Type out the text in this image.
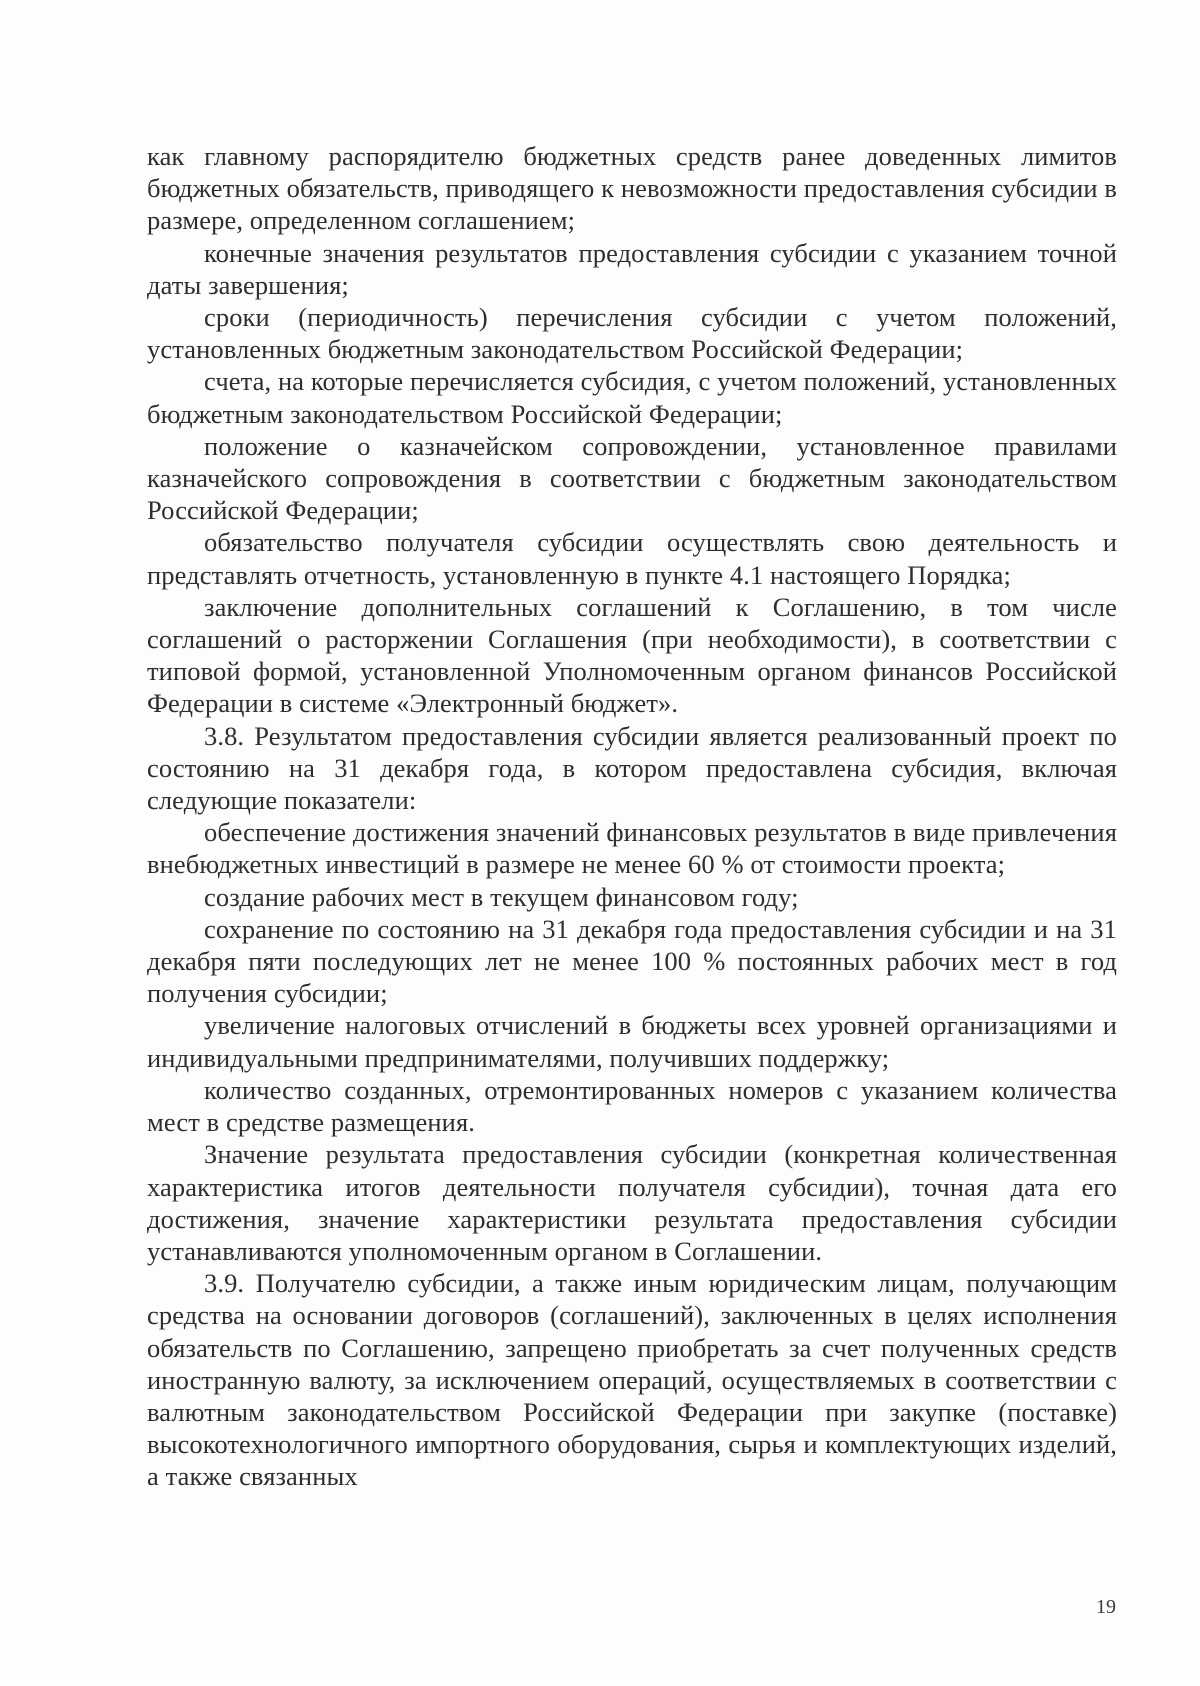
как главному распорядителю бюджетных средств ранее доведенных лимитов бюджетных обязательств, приводящего к невозможности предоставления субсидии в размере, определенном соглашением;

конечные значения результатов предоставления субсидии с указанием точной даты завершения;

сроки (периодичность) перечисления субсидии с учетом положений, установленных бюджетным законодательством Российской Федерации;

счета, на которые перечисляется субсидия, с учетом положений, установленных бюджетным законодательством Российской Федерации;

положение о казначейском сопровождении, установленное правилами казначейского сопровождения в соответствии с бюджетным законодательством Российской Федерации;

обязательство получателя субсидии осуществлять свою деятельность и представлять отчетность, установленную в пункте 4.1 настоящего Порядка;

заключение дополнительных соглашений к Соглашению, в том числе соглашений о расторжении Соглашения (при необходимости), в соответствии с типовой формой, установленной Уполномоченным органом финансов Российской Федерации в системе «Электронный бюджет».

3.8. Результатом предоставления субсидии является реализованный проект по состоянию на 31 декабря года, в котором предоставлена субсидия, включая следующие показатели:

обеспечение достижения значений финансовых результатов в виде привлечения внебюджетных инвестиций в размере не менее 60 % от стоимости проекта;

создание рабочих мест в текущем финансовом году;

сохранение по состоянию на 31 декабря года предоставления субсидии и на 31 декабря пяти последующих лет не менее 100 % постоянных рабочих мест в год получения субсидии;

увеличение налоговых отчислений в бюджеты всех уровней организациями и индивидуальными предпринимателями, получивших поддержку;

количество созданных, отремонтированных номеров с указанием количества мест в средстве размещения.

Значение результата предоставления субсидии (конкретная количественная характеристика итогов деятельности получателя субсидии), точная дата его достижения, значение характеристики результата предоставления субсидии устанавливаются уполномоченным органом в Соглашении.

3.9. Получателю субсидии, а также иным юридическим лицам, получающим средства на основании договоров (соглашений), заключенных в целях исполнения обязательств по Соглашению, запрещено приобретать за счет полученных средств иностранную валюту, за исключением операций, осуществляемых в соответствии с валютным законодательством Российской Федерации при закупке (поставке) высокотехнологичного импортного оборудования, сырья и комплектующих изделий, а также связанных

19
